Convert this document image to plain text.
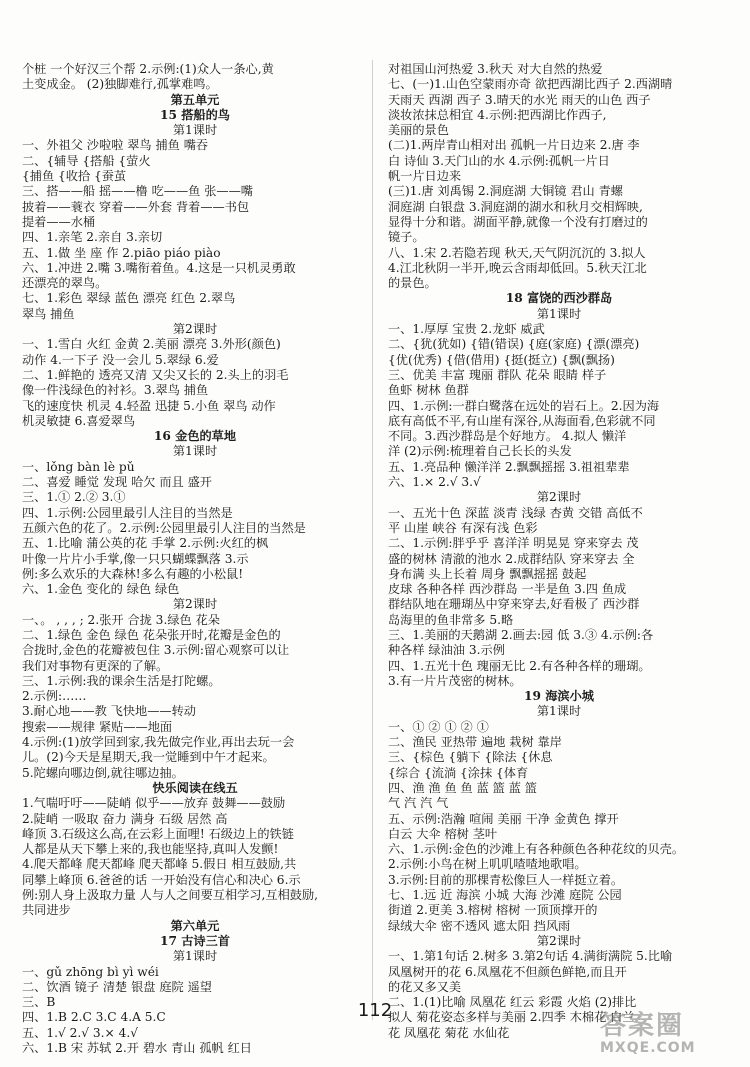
个桩 一个好汉三个帮 2.示例:(1)众人一条心,黄
土变成金。 (2)独脚难行,孤掌难鸣。
第五单元
15 搭船的鸟
第1课时
一、外祖父 沙啦啦 翠鸟 捕鱼 嘴吞
二、{辅导 {搭船 {萤火
{捕鱼 {收拾 {蚕茧
三、搭——船 摇——橹 吃——鱼 张——嘴
披着——蓑衣 穿着——外套 背着——书包
提着——水桶
四、1.亲笔 2.亲自 3.亲切
五、1.做 坐 座 作 2.piāo piáo piào
六、1.冲进 2.嘴 3.嘴衔着鱼。4.这是一只机灵勇敢
还漂亮的翠鸟。
七、1.彩色 翠绿 蓝色 漂亮 红色 2.翠鸟
翠鸟 捕鱼
第2课时
一、1.雪白 火红 金黄 2.美丽 漂亮 3.外形(颜色)
动作 4.一下子 没一会儿 5.翠绿 6.爱
二、1.鲜艳的 透亮又清 又尖又长的 2.头上的羽毛
像一件浅绿色的衬衫。3.翠鸟 捕鱼
飞的速度快 机灵 4.轻盈 迅捷 5.小鱼 翠鸟 动作
机灵敏捷 6.喜爱翠鸟
16 金色的草地
第1课时
一、lǒng bàn lè pǔ
二、喜爱 睡觉 发现 哈欠 而且 盛开
三、1.① 2.② 3.①
四、1.示例:公园里最引人注目的当然是
五颜六色的花了。2.示例:公园里最引人注目的当然是
五、1.比喻 蒲公英的花 手掌 2.示例:火红的枫
叶像一片片小手掌,像一只只蝴蝶飘落 3.示
例:多么欢乐的大森林!多么有趣的小松鼠!
六、1.金色 变化的 绿色 绿色
第2课时
一、。 , , , ; 2.张开 合拢 3.绿色 花朵
二、1.绿色 金色 绿色 花朵张开时,花瓣是金色的
合拢时,金色的花瓣被包住 3.示例:留心观察可以让
我们对事物有更深的了解。
三、1.示例:我的课余生活是打陀螺。
2.示例:……
3.耐心地——教 飞快地——转动
搜索——规律 紧贴——地面
4.示例:(1)放学回到家,我先做完作业,再出去玩一会
儿。(2)今天是星期天,我一觉睡到中午才起来。
5.陀螺向哪边倒,就往哪边抽。
快乐阅读在线五
1.气喘吁吁——陡峭 似乎——放弃 鼓舞——鼓励
2.陡峭 一吸取 奋力 满身 石级 居然 高
峰顶 3.石级这么高,在云彩上面哩! 石级边上的铁链
人都是从天下攀上来的,我也能坚持,真叫人发颤!
4.爬天都峰 爬天都峰 爬天都峰 5.假日 相互鼓励,共
同攀上峰顶 6.爸爸的话 一开始没有信心和决心 6.示
例:别人身上汲取力量 人与人之间要互相学习,互相鼓励,
共同进步
第六单元
17 古诗三首
第1课时
一、gǔ zhōng bì yì wéi
二、饮酒 镜子 清楚 银盘 庭院 遥望
三、B
四、1.B 2.C 3.C 4.A 5.C
五、1.√ 2.√ 3.× 4.√
六、1.B 宋 苏轼 2.开 碧水 青山 孤帆 红日
对祖国山河热爱 3.秋天 对大自然的热爱
七、(一)1.山色空蒙雨亦奇 欲把西湖比西子 2.西湖晴
天雨天 西湖 西子 3.晴天的水光 雨天的山色 西子
淡妆浓抹总相宜 4.示例:把西湖比作西子,
美丽的景色
(二)1.两岸青山相对出 孤帆一片日边来 2.唐 李
白 诗仙 3.天门山的水 4.示例:孤帆一片日
帆一片日边来
(三)1.唐 刘禹锡 2.洞庭湖 大铜镜 君山 青螺
洞庭湖 白银盘 3.洞庭湖的湖水和秋月交相辉映,
显得十分和谐。湖面平静,就像一个没有打磨过的
镜子。
八、1.宋 2.若隐若现 秋天,天气阴沉沉的 3.拟人
4.江北秋阴一半开,晚云含雨却低回。5.秋天江北
的景色。
18 富饶的西沙群岛
第1课时
一、1.厚厚 宝贵 2.龙虾 威武
二、{犹(犹如) {错(错误) {庭(家庭) {漂(漂亮)
{优(优秀) {借(借用) {挺(挺立) {飘(飘扬)
三、优美 丰富 瑰丽 群队 花朵 眼睛 样子
鱼虾 树林 鱼群
四、1.示例:一群白鹭落在远处的岩石上。2.因为海
底有高低不平,有山崖有深谷,从海面看,色彩就不同
不同。3.西沙群岛是个好地方。 4.拟人 懒洋
洋 (2)示例:梳理着自己长长的头发
五、1.亮品种 懒洋洋 2.飘飘摇摇 3.祖祖辈辈
六、1.× 2.√ 3.√
第2课时
一、五光十色 深蓝 淡青 浅绿 杏黄 交错 高低不
平 山崖 峡谷 有深有浅 色彩
二、1.示例:胖乎乎 喜洋洋 明晃晃 穿来穿去 茂
盛的树林 清澈的池水 2.成群结队 穿来穿去 全
身布满 头上长着 周身 飘飘摇摇 鼓起
皮球 各种各样 西沙群岛 一半是鱼 3.四 鱼成
群结队地在珊瑚丛中穿来穿去,好看极了 西沙群
岛海里的鱼非常多 5.略
三、1.美丽的天鹅湖 2.画去:园 低 3.③ 4.示例:各
种各样 绿油油 3.示例
四、1.五光十色 瑰丽无比 2.有各种各样的珊瑚。
3.有一片片茂密的树林。
19 海滨小城
第1课时
一、① ② ① ② ①
二、渔民 亚热带 遍地 栽树 靠岸
三、{棕色 {躺下 {除法 {休息
{综合 {流淌 {涂抹 {体育
四、渔 渔 鱼 鱼 蓝 篮 蓝 篮
气 汽 汽 气
五、示例:浩瀚 喧闹 美丽 干净 金黄色 撑开
白云 大伞 榕树 茎叶
六、1.示例:金色的沙滩上有各种颜色各种花纹的贝壳。
2.示例:小鸟在树上叽叽喳喳地歌唱。
3.示例:目前的那棵青松像巨人一样挺立着。
七、1.远 近 海滨 小城 大海 沙滩 庭院 公园
街道 2.更美 3.榕树 榕树 一顶顶撑开的
绿绒大伞 密不透风 遮太阳 挡风雨
第2课时
一、1.第1句话 2.树多 3.第2句话 4.满街满院 5.比喻
凤凰树开的花 6.凤凰花不但颜色鲜艳,而且开
的花又多又美
二、1.(1)比喻 凤凰花 红云 彩霞 火焰 (2)排比
拟人 菊花姿态多样与美丽 2.四季 木棉花 白兰
花 凤凰花 菊花 水仙花
112
答案圈
MXQE.COM
